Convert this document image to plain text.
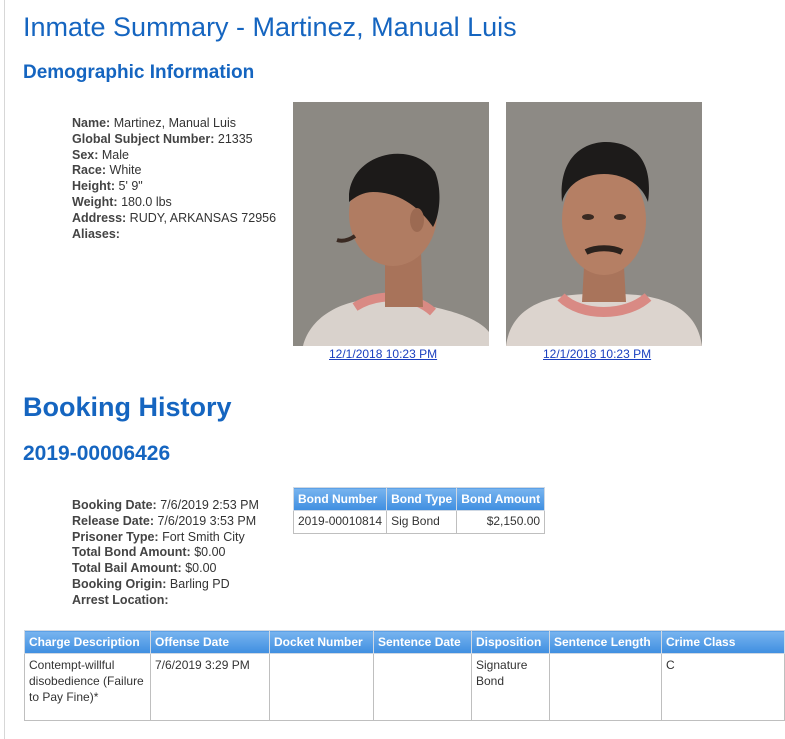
Inmate Summary - Martinez, Manual Luis
Demographic Information
Name: Martinez, Manual Luis
Global Subject Number: 21335
Sex: Male
Race: White
Height: 5' 9"
Weight: 180.0 lbs
Address: RUDY, ARKANSAS 72956
Aliases:
12/1/2018 10:23 PM	12/1/2018 10:23 PM
Booking History
2019-00006426
Booking Date: 7/6/2019 2:53 PM
Release Date: 7/6/2019 3:53 PM
Prisoner Type: Fort Smith City
Total Bond Amount: $0.00
Total Bail Amount: $0.00
Booking Origin: Barling PD
Arrest Location:
Bond Number	Bond Type	Bond Amount
2019-00010814	Sig Bond	$2,150.00
Charge Description	Offense Date	Docket Number	Sentence Date	Disposition	Sentence Length	Crime Class
Contempt-willful disobedience (Failure to Pay Fine)*	7/6/2019 3:29 PM			Signature Bond		C
